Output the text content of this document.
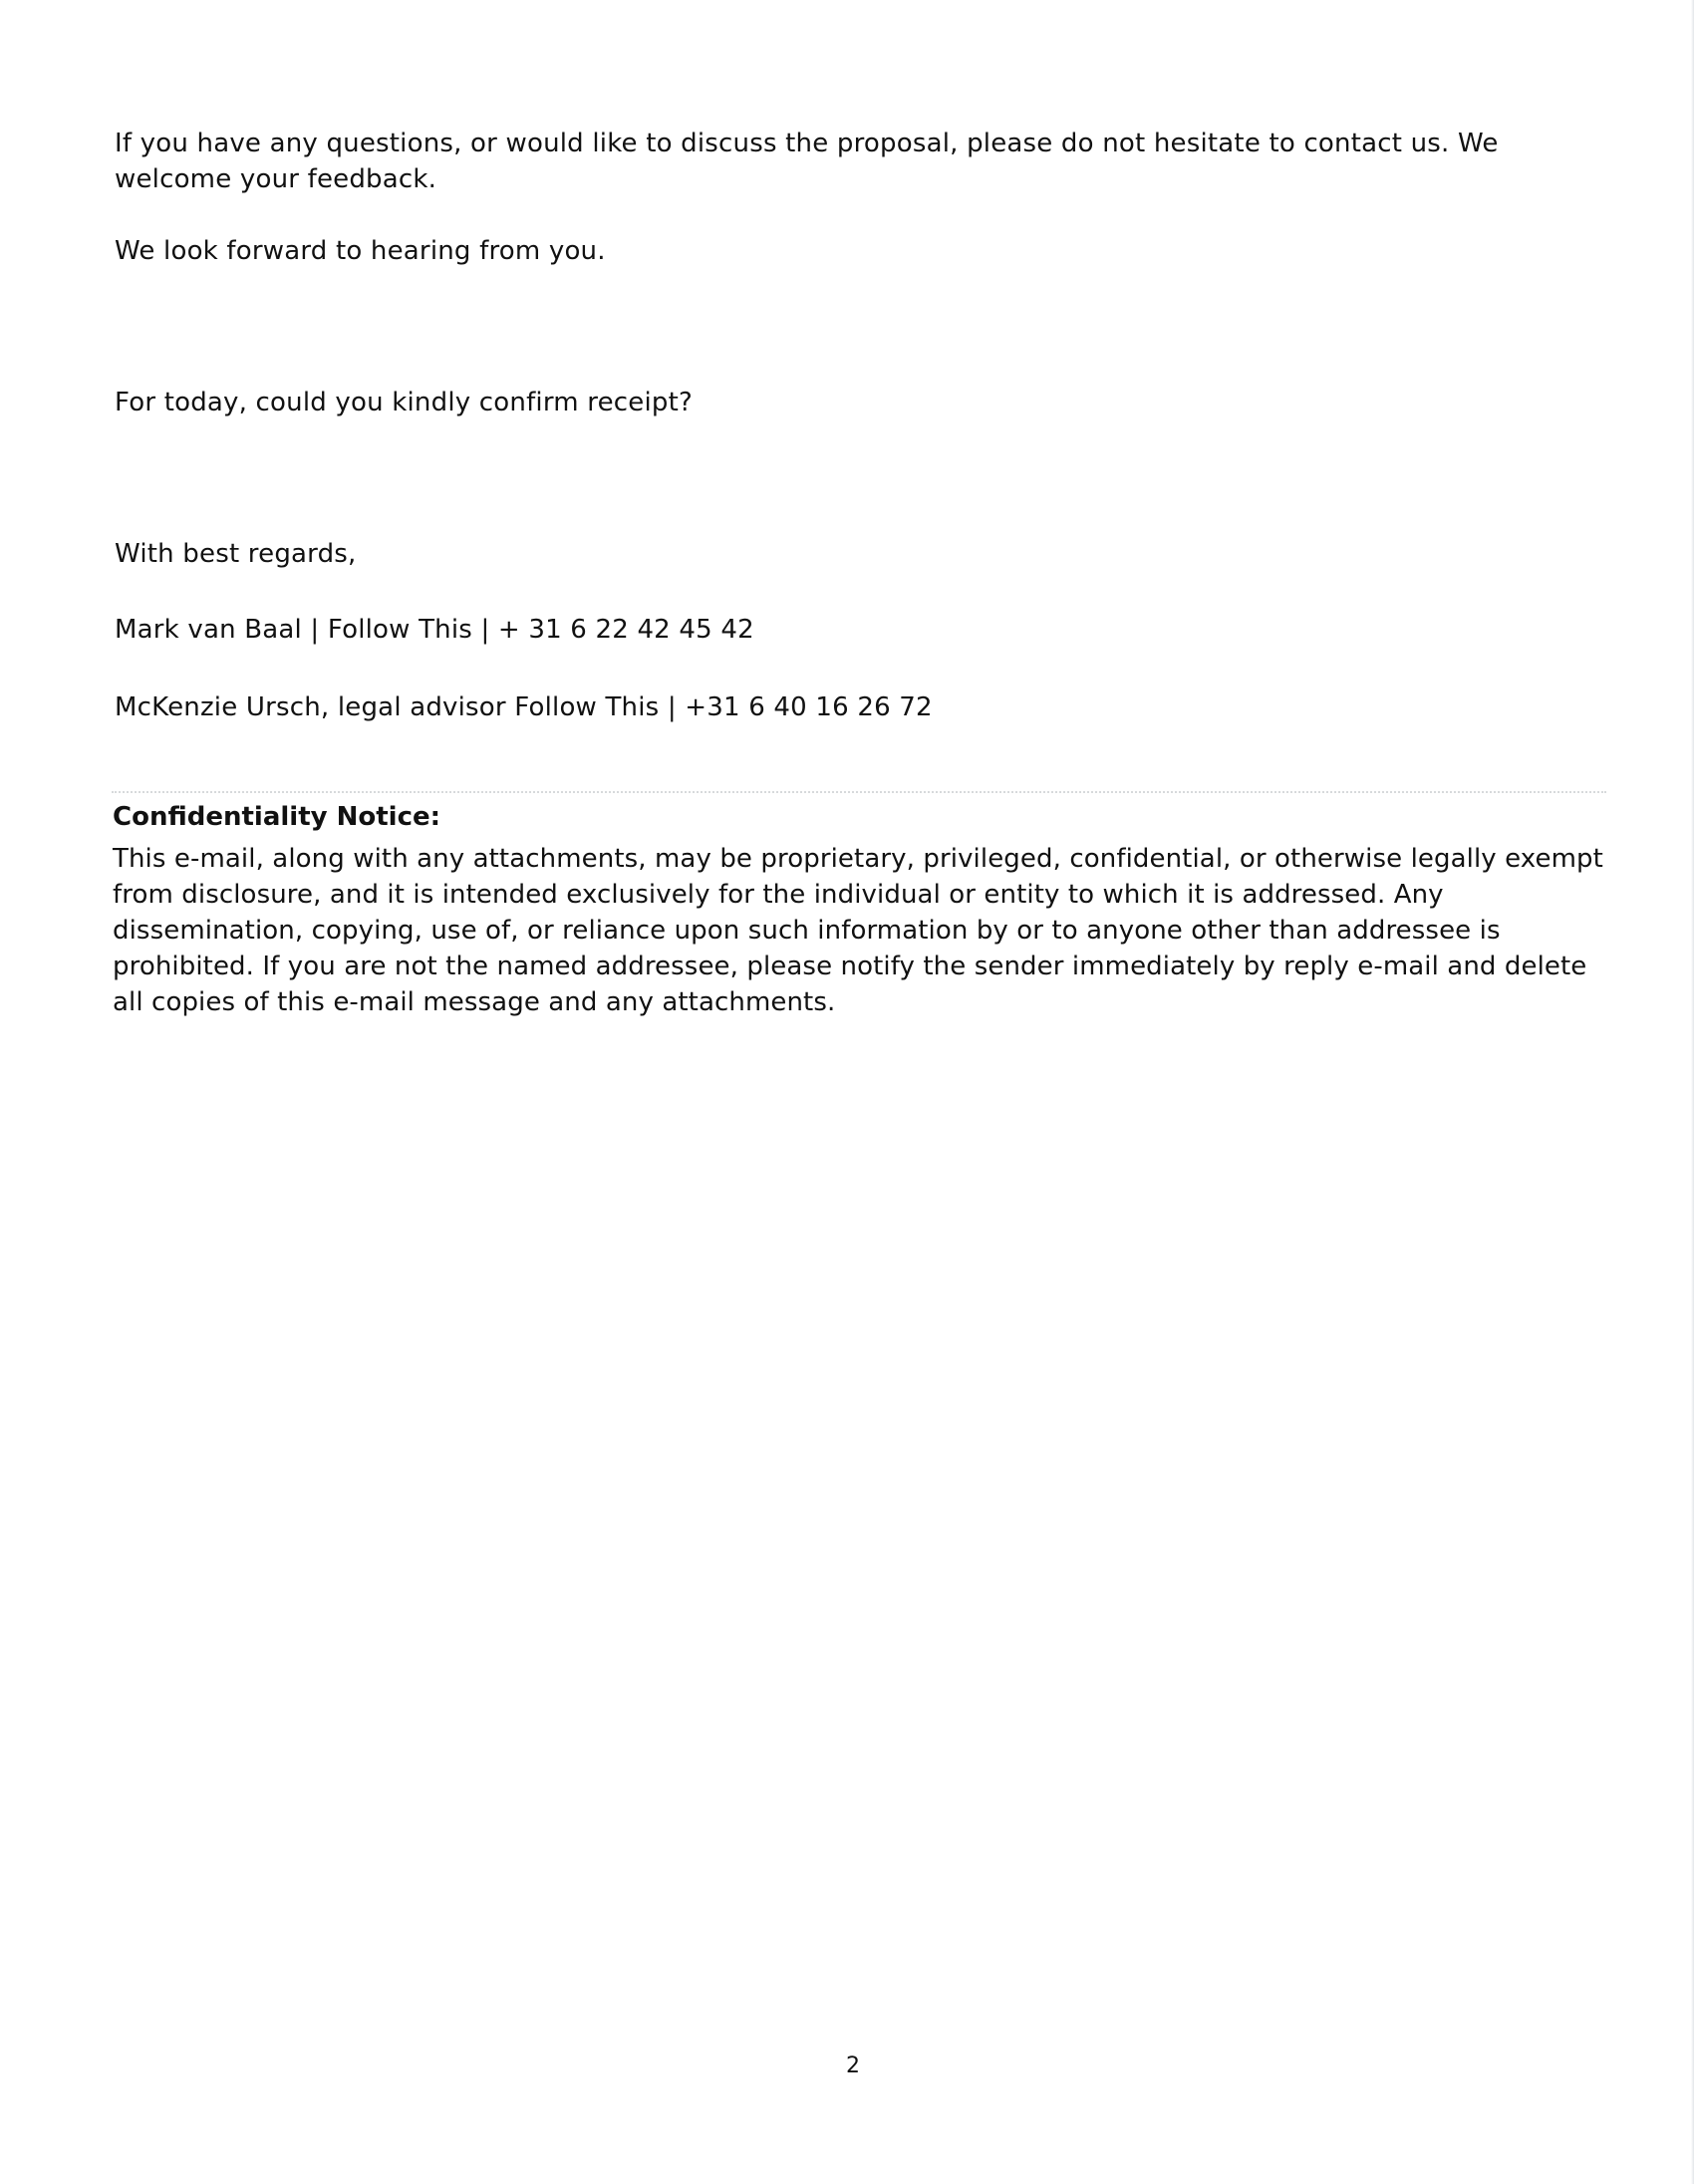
If you have any questions, or would like to discuss the proposal, please do not hesitate to contact us. We welcome your feedback.

We look forward to hearing from you.

For today, could you kindly confirm receipt?

With best regards,

Mark van Baal | Follow This | + 31 6 22 42 45 42

McKenzie Ursch, legal advisor Follow This | +31 6 40 16 26 72

Confidentiality Notice:

This e-mail, along with any attachments, may be proprietary, privileged, confidential, or otherwise legally exempt from disclosure, and it is intended exclusively for the individual or entity to which it is addressed. Any dissemination, copying, use of, or reliance upon such information by or to anyone other than addressee is prohibited. If you are not the named addressee, please notify the sender immediately by reply e-mail and delete all copies of this e-mail message and any attachments.

2
